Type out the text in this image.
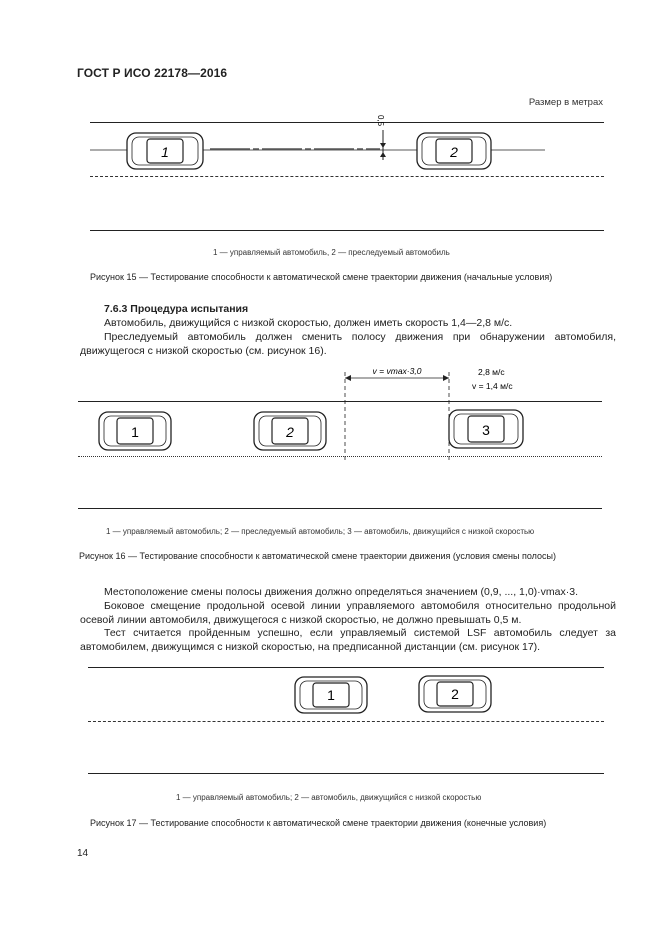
ГОСТ Р ИСО 22178—2016
Размер в метрах
0,5
1	2
1 — управляемый автомобиль, 2 — преследуемый автомобиль
Рисунок 15 — Тестирование способности к автоматической смене траектории движения (начальные условия)
7.6.3 Процедура испытания
Автомобиль, движущийся с низкой скоростью, должен иметь скорость 1,4—2,8 м/с.
Преследуемый автомобиль должен сменить полосу движения при обнаружении автомобиля, движущегося с низкой скоростью (см. рисунок 16).
v = vmax·3,0	2,8 м/с
v = 1,4 м/с
1	2	3
1 — управляемый автомобиль; 2 — преследуемый автомобиль; 3 — автомобиль, движущийся с низкой скоростью
Рисунок 16 — Тестирование способности к автоматической смене траектории движения (условия смены полосы)
Местоположение смены полосы движения должно определяться значением (0,9, ..., 1,0)·vmax·3.
Боковое смещение продольной осевой линии управляемого автомобиля относительно продольной осевой линии автомобиля, движущегося с низкой скоростью, не должно превышать 0,5 м.
Тест считается пройденным успешно, если управляемый системой LSF автомобиль следует за автомобилем, движущимся с низкой скоростью, на предписанной дистанции (см. рисунок 17).
1	2
1 — управляемый автомобиль; 2 — автомобиль, движущийся с низкой скоростью
Рисунок 17 — Тестирование способности к автоматической смене траектории движения (конечные условия)
14
